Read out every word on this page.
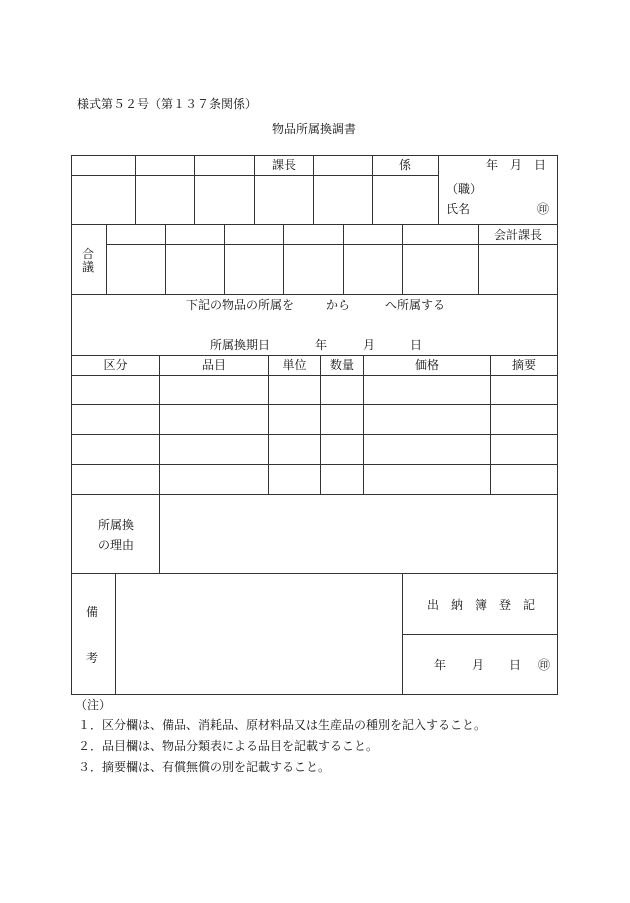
様式第５２号（第１３７条関係）
物品所属換調書
課長	係	年 月 日
（職）
氏名	㊞
合
議
会計課長
下記の物品の所属を	から	へ所属する
所属換期日	年	月	日
区分	品目	単位	数量	価格	摘要
所属換
の理由
備
考
出　納　簿　登　記
年 月 日 ㊞
（注）
１．区分欄は、備品、消耗品、原材料品又は生産品の種別を記入すること。
２．品目欄は、物品分類表による品目を記載すること。
３．摘要欄は、有償無償の別を記載すること。
